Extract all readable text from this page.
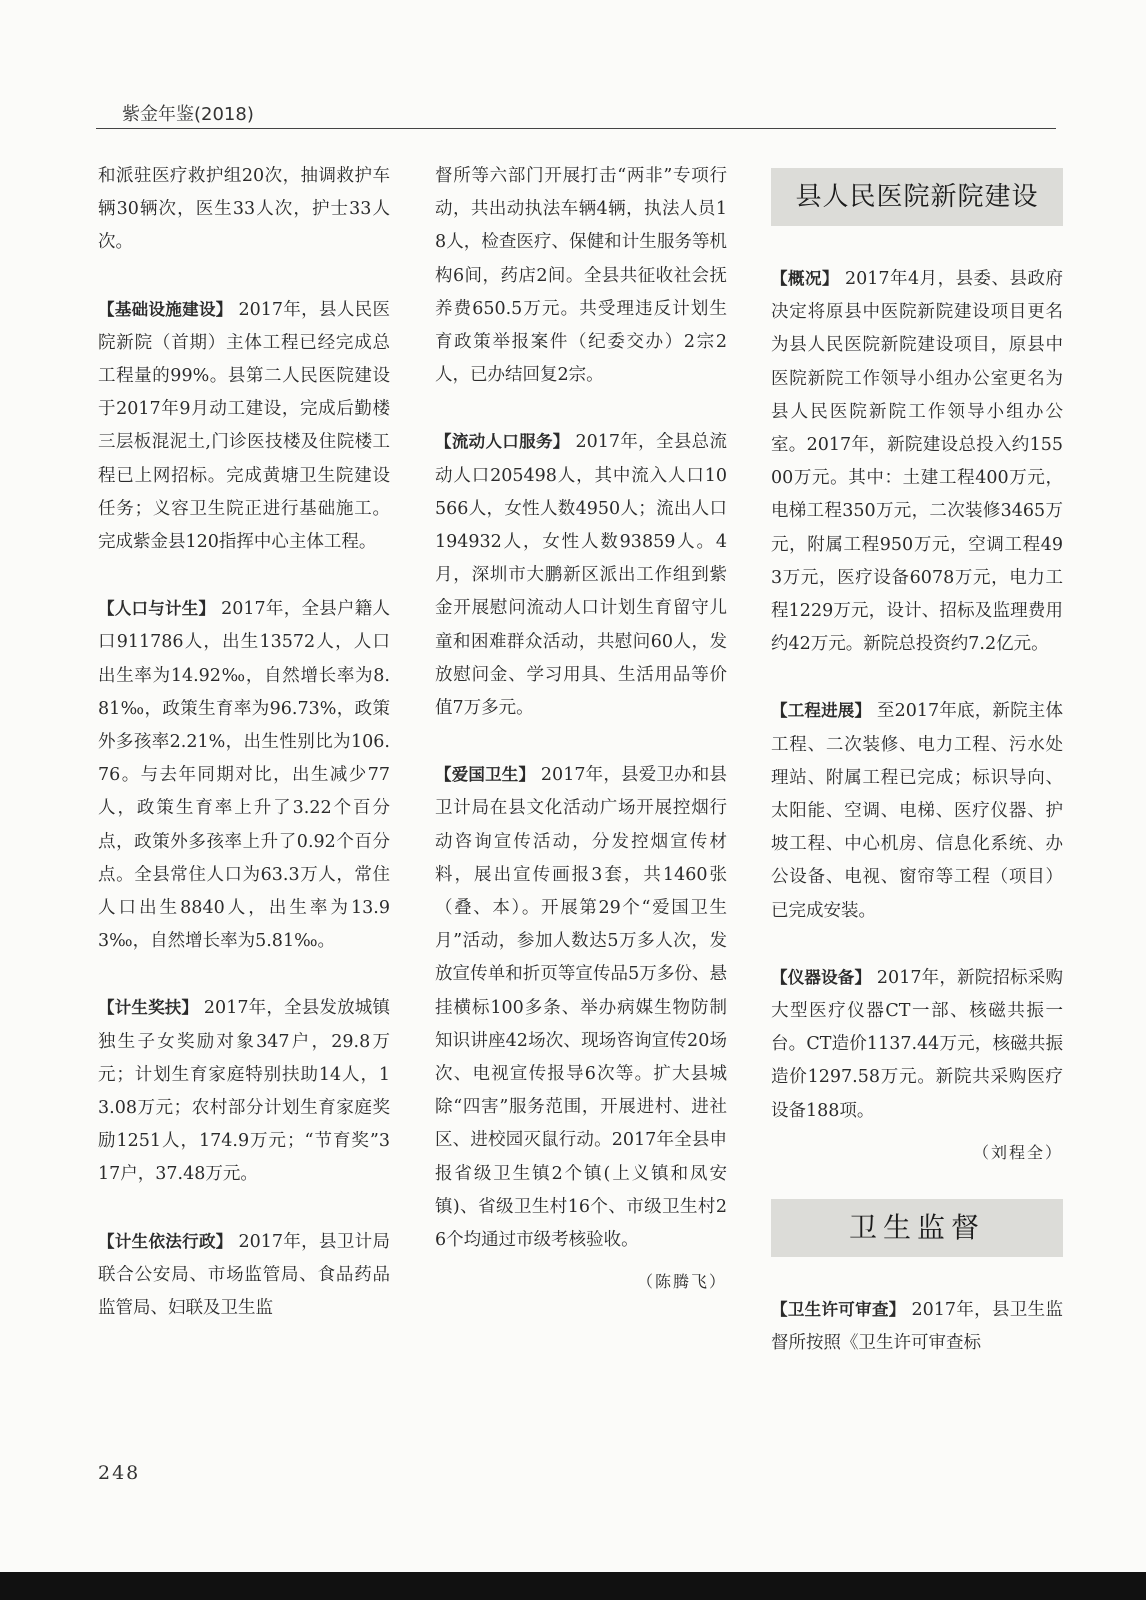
紫金年鉴(2018)
和派驻医疗救护组20次，抽调救护车辆30辆次，医生33人次，护士33人次。
【基础设施建设】 2017年，县人民医院新院（首期）主体工程已经完成总工程量的99%。县第二人民医院建设于2017年9月动工建设，完成后勤楼三层板混泥土,门诊医技楼及住院楼工程已上网招标。完成黄塘卫生院建设任务；义容卫生院正进行基础施工。完成紫金县120指挥中心主体工程。
【人口与计生】 2017年，全县户籍人口911786人，出生13572人，人口出生率为14.92‰，自然增长率为8.81‰，政策生育率为96.73%，政策外多孩率2.21%，出生性别比为106.76。与去年同期对比，出生减少77人，政策生育率上升了3.22个百分点，政策外多孩率上升了0.92个百分点。全县常住人口为63.3万人，常住人口出生8840人，出生率为13.93‰，自然增长率为5.81‰。
【计生奖扶】 2017年，全县发放城镇独生子女奖励对象347户，29.8万元；计划生育家庭特别扶助14人，13.08万元；农村部分计划生育家庭奖励1251人，174.9万元；“节育奖”317户，37.48万元。
【计生依法行政】 2017年，县卫计局联合公安局、市场监管局、食品药品监管局、妇联及卫生监
督所等六部门开展打击“两非”专项行动，共出动执法车辆4辆，执法人员18人，检查医疗、保健和计生服务等机构6间，药店2间。全县共征收社会抚养费650.5万元。共受理违反计划生育政策举报案件（纪委交办）2宗2人，已办结回复2宗。
【流动人口服务】 2017年，全县总流动人口205498人，其中流入人口10566人，女性人数4950人；流出人口194932人，女性人数93859人。4月，深圳市大鹏新区派出工作组到紫金开展慰问流动人口计划生育留守儿童和困难群众活动，共慰问60人，发放慰问金、学习用具、生活用品等价值7万多元。
【爱国卫生】 2017年，县爱卫办和县卫计局在县文化活动广场开展控烟行动咨询宣传活动，分发控烟宣传材料，展出宣传画报3套，共1460张（叠、本）。开展第29个“爱国卫生月”活动，参加人数达5万多人次，发放宣传单和折页等宣传品5万多份、悬挂横标100多条、举办病媒生物防制知识讲座42场次、现场咨询宣传20场次、电视宣传报导6次等。扩大县城除“四害”服务范围，开展进村、进社区、进校园灭鼠行动。2017年全县申报省级卫生镇2个镇(上义镇和凤安镇)、省级卫生村16个、市级卫生村26个均通过市级考核验收。
（陈腾飞）
县人民医院新院建设
【概况】 2017年4月，县委、县政府决定将原县中医院新院建设项目更名为县人民医院新院建设项目，原县中医院新院工作领导小组办公室更名为县人民医院新院工作领导小组办公室。2017年，新院建设总投入约15500万元。其中：土建工程400万元，电梯工程350万元，二次装修3465万元，附属工程950万元，空调工程493万元，医疗设备6078万元，电力工程1229万元，设计、招标及监理费用约42万元。新院总投资约7.2亿元。
【工程进展】 至2017年底，新院主体工程、二次装修、电力工程、污水处理站、附属工程已完成；标识导向、太阳能、空调、电梯、医疗仪器、护坡工程、中心机房、信息化系统、办公设备、电视、窗帘等工程（项目）已完成安装。
【仪器设备】 2017年，新院招标采购大型医疗仪器CT一部、核磁共振一台。CT造价1137.44万元，核磁共振造价1297.58万元。新院共采购医疗设备188项。
（刘程全）
卫生监督
【卫生许可审查】 2017年，县卫生监督所按照《卫生许可审查标
248
